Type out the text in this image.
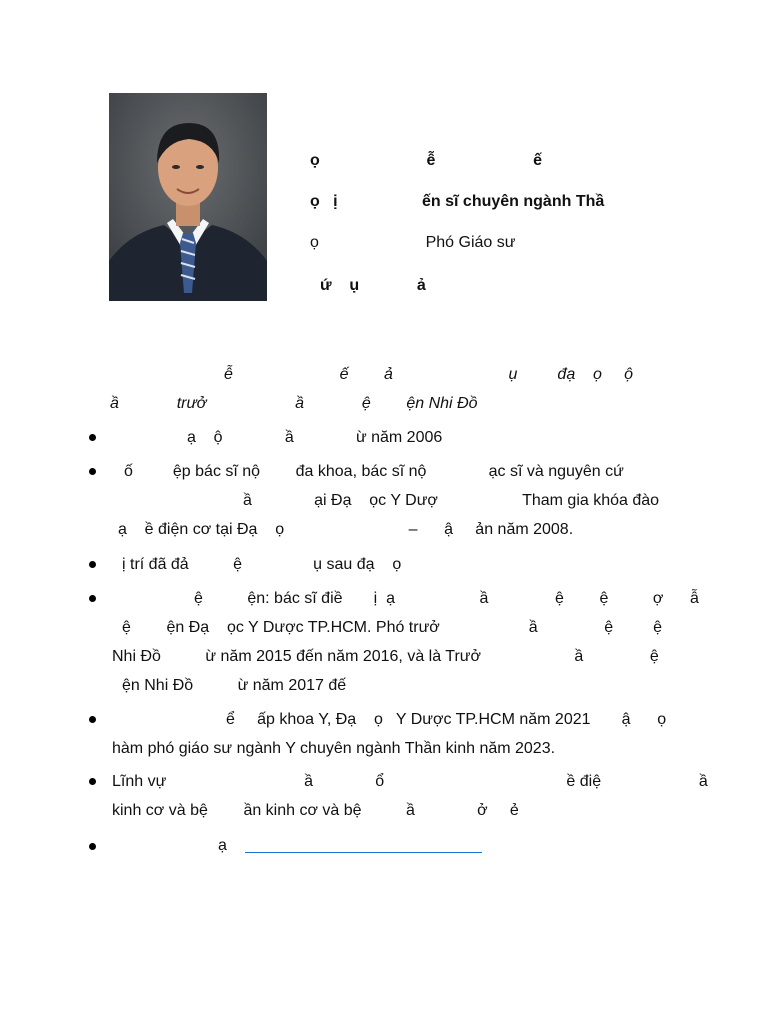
ọ                        ễ                      ế
ọ   ị                   ến sĩ chuyên ngành Thầ
ọ                        Phó Giáo sư
ứ    ụ             ả
ễ                        ế        ả                          ụ         đạ    ọ     ộ
ầ             trưở                    ầ             ệ        ện Nhi Đồ
ạ    ộ              ầ              ừ năm 2006
ố         ệp bác sĩ nộ        đa khoa, bác sĩ nộ              ạc sĩ và nguyên cứ
ầ              ại Đạ    ọc Y Dượ                   Tham gia khóa đào
ạ    ề điện cơ tại Đạ    ọ                            –      ậ     ản năm 2008.
ị trí đã đả          ệ                ụ sau đạ    ọ
ệ          ện: bác sĩ điề       ị  ạ                   ầ               ệ        ệ          ợ      ẫ
ệ        ện Đạ    ọc Y Dược TP.HCM. Phó trưở                    ầ               ệ         ệ
Nhi Đồ          ừ năm 2015 đến năm 2016, và là Trưở                     ầ               ệ
ện Nhi Đồ          ừ năm 2017 đế
ể     ấp khoa Y, Đạ    ọ   Y Dược TP.HCM năm 2021       ậ      ọ
hàm phó giáo sư ngành Y chuyên ngành Thần kinh năm 2023.
Lĩnh vự                               ầ              ổ                                         ề điệ                      ầ
kinh cơ và bệ        ần kinh cơ và bệ          ầ              ở     ẻ
ạ
